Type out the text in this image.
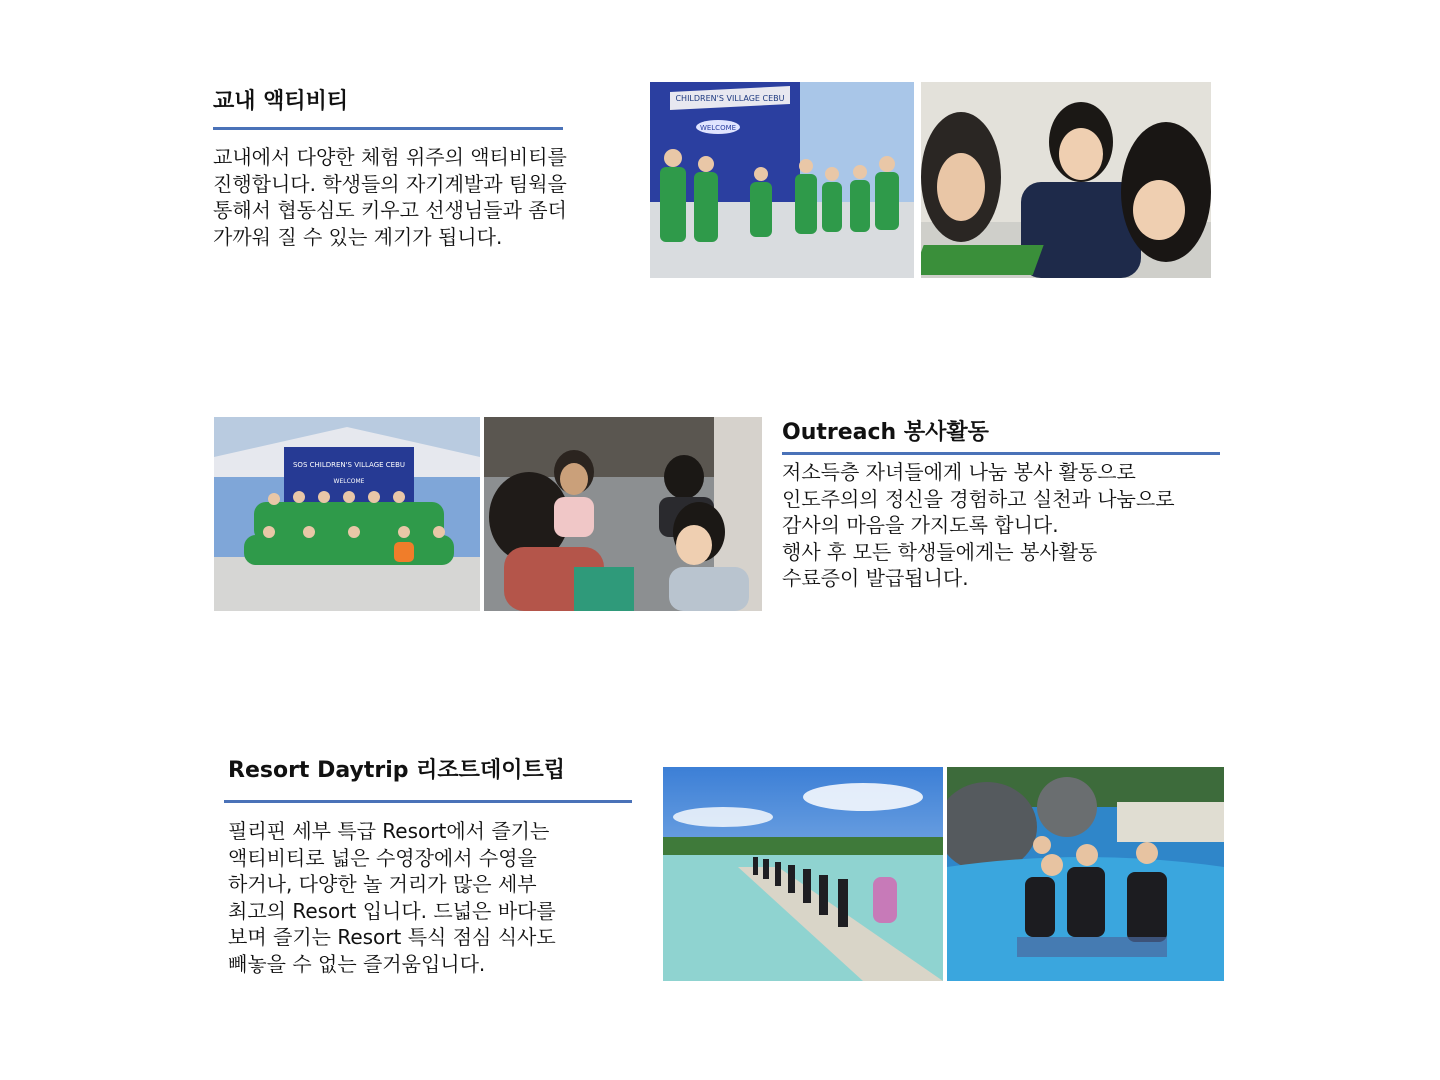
교내 액티비티
교내에서 다양한 체험 위주의 액티비티를
진행합니다. 학생들의 자기계발과 팀웍을
통해서 협동심도 키우고 선생님들과 좀더
가까워 질 수 있는 계기가 됩니다.
CHILDREN'S VILLAGE CEBU
WELCOME
SOS CHILDREN'S VILLAGE CEBU
WELCOME
Outreach 봉사활동
저소득층 자녀들에게 나눔 봉사 활동으로
인도주의의 정신을 경험하고 실천과 나눔으로
감사의 마음을 가지도록 합니다.
행사 후 모든 학생들에게는 봉사활동
수료증이 발급됩니다.
Resort Daytrip 리조트데이트립
필리핀 세부 특급 Resort에서 즐기는
액티비티로 넓은 수영장에서 수영을
하거나, 다양한 놀 거리가 많은 세부
최고의 Resort 입니다. 드넓은 바다를
보며 즐기는 Resort 특식 점심 식사도
빼놓을 수 없는 즐거움입니다.
